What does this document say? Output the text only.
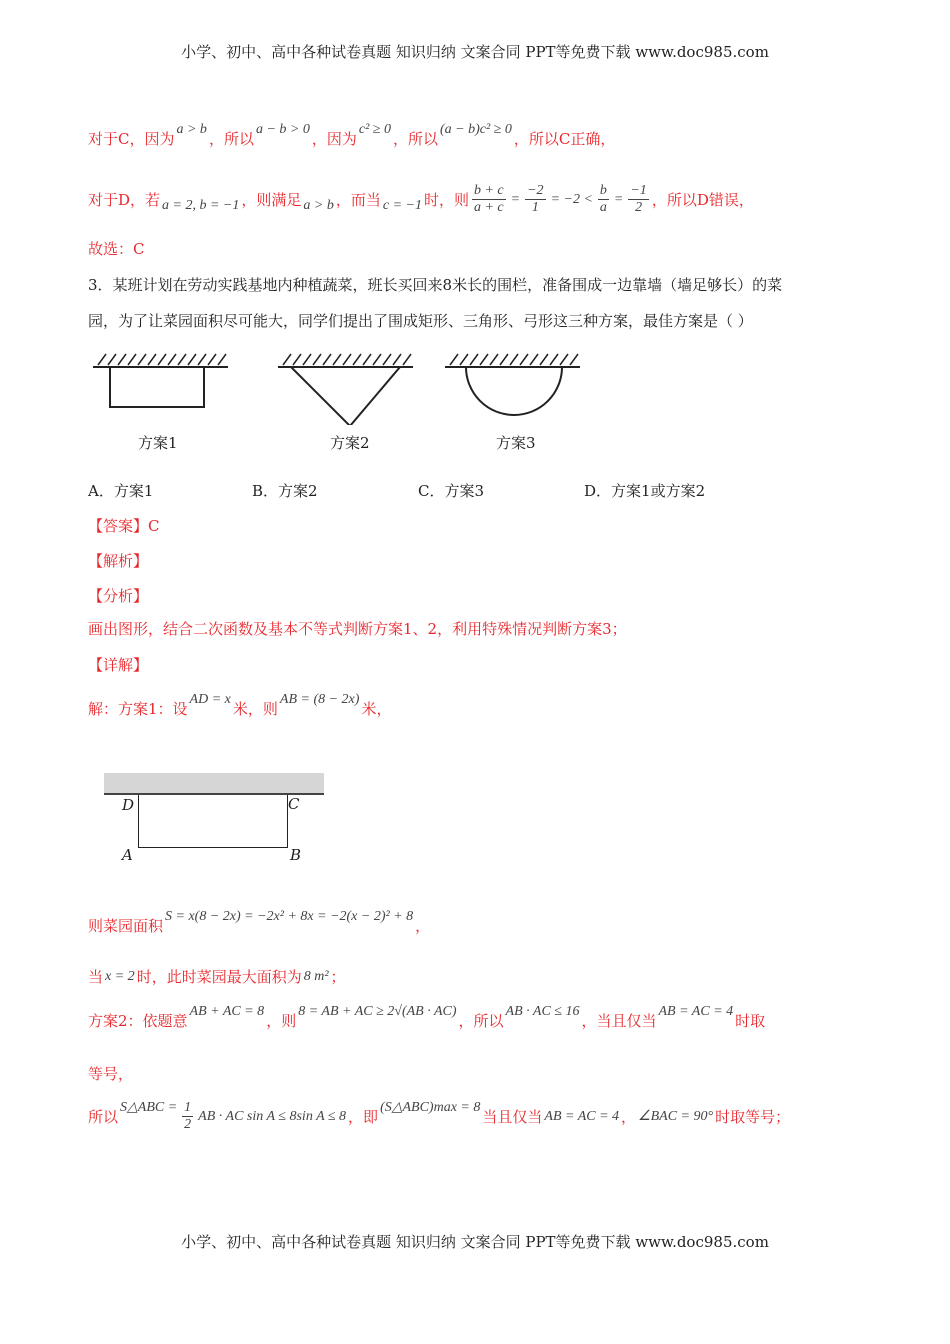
小学、初中、高中各种试卷真题 知识归纳 文案合同 PPT等免费下载 www.doc985.com
对于C，因为
a > b
，所以
a − b > 0
，因为
c² ≥ 0
，所以
(a − b)c² ≥ 0
，所以C正确，
对于D，若 a = 2, b = −1 ，则满足 a > b ，而当 c = −1 时，则 $\frac{b + c}{a + c} = \frac{-2}{1} = -2 < \frac{b}{a} = \frac{-1}{2}$ ，所以D错误，
故选：C
3．某班计划在劳动实践基地内种植蔬菜，班长买回来8米长的围栏，准备围成一边靠墙（墙足够长）的菜
园，为了让菜园面积尽可能大，同学们提出了围成矩形、三角形、弓形这三种方案，最佳方案是（ ）
A．方案1
【答案】C
【解析】
【分析】
画出图形，结合二次函数及基本不等式判断方案1、2，利用特殊情况判断方案3；
【详解】
解：方案1：设
AD = x
米，则
AB = (8 − 2x)
米，
则菜园面积
S = x(8 − 2x) = −2x² + 8x = −2(x − 2)² + 8
，
当 x = 2 时，此时菜园最大面积为 8 m² ；
方案2：依题意
AB + AC = 8
，则
8 = AB + AC ≥ 2√(AB · AC)
，所以
AB · AC ≤ 16
，当且仅当
AB = AC = 4
时取
等号，
所以
S△ABC = $\frac{1}{2}$ AB · AC sin A ≤ 8sin A ≤ 8 ，即
(S△ABC)max = 8
当且仅当 AB = AC = 4 ， ∠BAC = 90° 时取等号；
B．方案2	C．方案3	D．方案1或方案2
方案1	方案2	方案3
D	C
A	B
小学、初中、高中各种试卷真题 知识归纳 文案合同 PPT等免费下载 www.doc985.com
